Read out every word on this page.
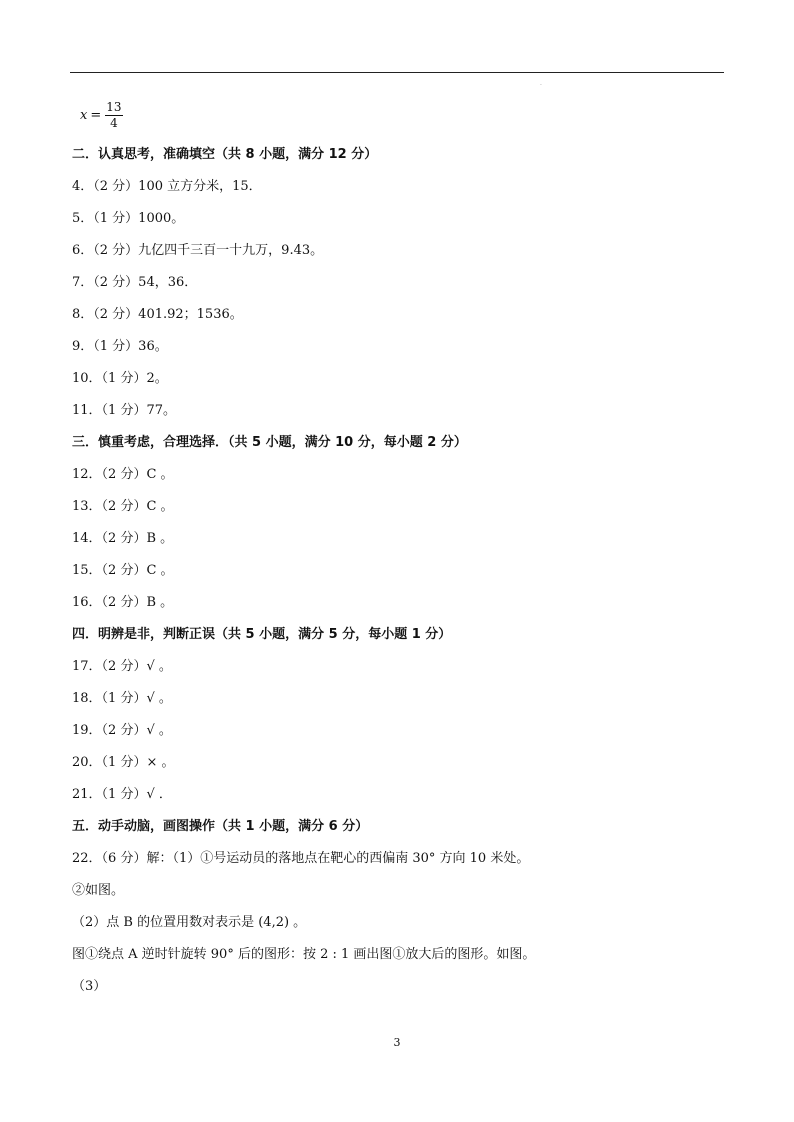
.
$x = \frac{13}{4}$
二．认真思考，准确填空（共 8 小题，满分 12 分）
4．（2 分）100 立方分米，15．
5．（1 分）1000。
6．（2 分）九亿四千三百一十九万，9.43。
7．（2 分）54，36．
8．（2 分）401.92；1536。
9．（1 分）36。
10．（1 分）2。
11．（1 分）77。
三．慎重考虑，合理选择．（共 5 小题，满分 10 分，每小题 2 分）
12．（2 分）C 。
13．（2 分）C 。
14．（2 分）B 。
15．（2 分）C 。
16．（2 分）B 。
四．明辨是非，判断正误（共 5 小题，满分 5 分，每小题 1 分）
17．（2 分）√ 。
18．（1 分）√ 。
19．（2 分）√ 。
20．（1 分）× 。
21．（1 分）√ ．
五．动手动脑，画图操作（共 1 小题，满分 6 分）
22．（6 分）解：（1）①号运动员的落地点在靶心的西偏南 30° 方向 10 米处。
②如图。
（2）点 B 的位置用数对表示是 (4,2) 。
图①绕点 A 逆时针旋转 90° 后的图形：按 2 : 1 画出图①放大后的图形。如图。
（3）
3
